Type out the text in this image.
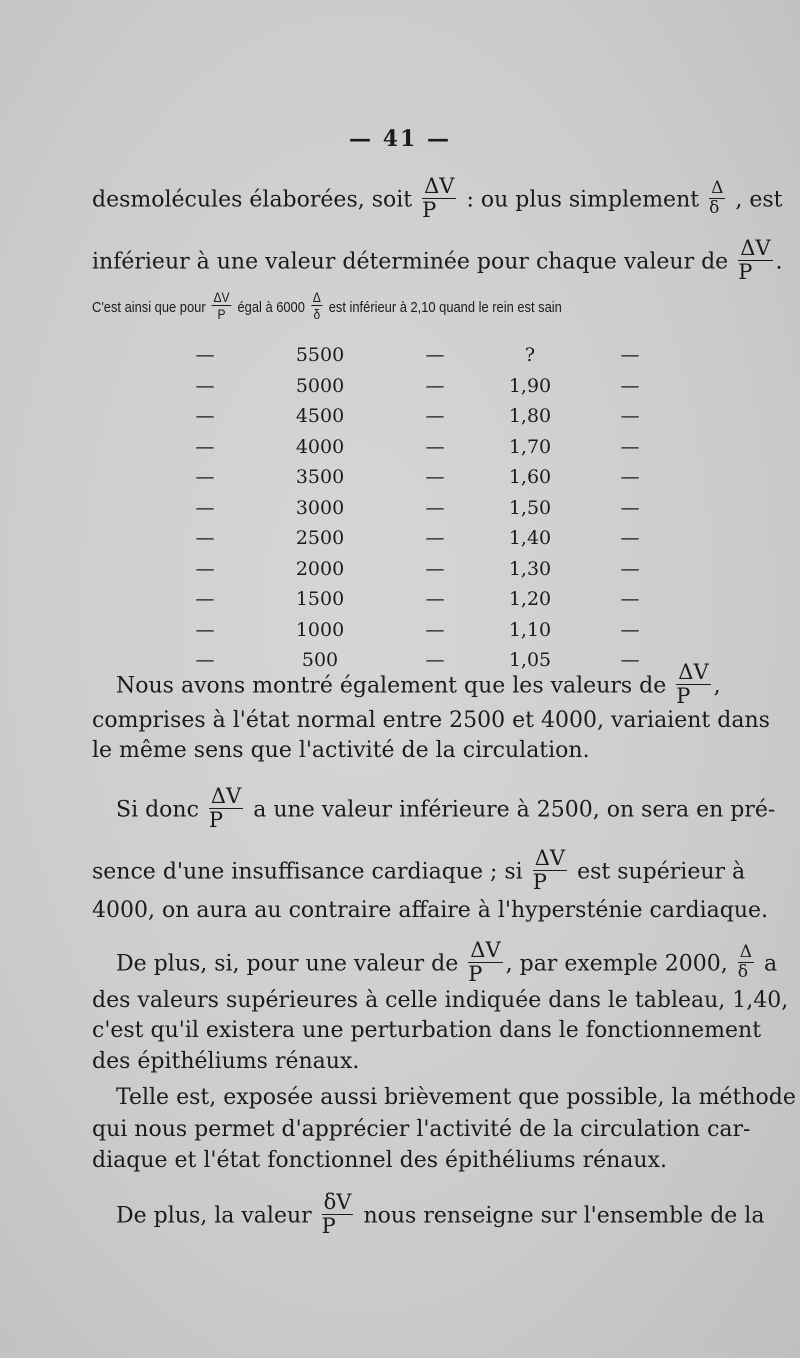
— 41 —
desmolécules élaborées, soit $\frac{\Delta V}{P}$ : ou plus simplement $\frac{\Delta}{\delta}$ , est
inférieur à une valeur déterminée pour chaque valeur de $\frac{\Delta V}{P}$ .
C'est ainsi que pour $\frac{\Delta V}{P}$ égal à $6000 \frac{\Delta}{\delta}$ est inférieur à 2,10 quand le rein est sain
—	5500	—	?	—
—	5000	—	1,90	—
—	4500	—	1,80	—
—	4000	—	1,70	—
—	3500	—	1,60	—
—	3000	—	1,50	—
—	2500	—	1,40	—
—	2000	—	1,30	—
—	1500	—	1,20	—
—	1000	—	1,10	—
—	500	—	1,05	—
Nous avons montré également que les valeurs de $\frac{\Delta V}{P}$ ,
comprises à l'état normal entre 2500 et 4000, variaient dans
le même sens que l'activité de la circulation.
Si donc $\frac{\Delta V}{P}$ a une valeur inférieure à 2500, on sera en pré-
sence d'une insuffisance cardiaque ; si $\frac{\Delta V}{P}$ est supérieur à
4000, on aura au contraire affaire à l'hypersténie cardiaque.
De plus, si, pour une valeur de $\frac{\Delta V}{P}$ , par exemple 2000, $\frac{\Delta}{\delta}$ a
des valeurs supérieures à celle indiquée dans le tableau, 1,40,
c'est qu'il existera une perturbation dans le fonctionnement
des épithéliums rénaux.
Telle est, exposée aussi brièvement que possible, la méthode
qui nous permet d'apprécier l'activité de la circulation car-
diaque et l'état fonctionnel des épithéliums rénaux.
De plus, la valeur $\frac{\delta V}{P}$ nous renseigne sur l'ensemble de la
